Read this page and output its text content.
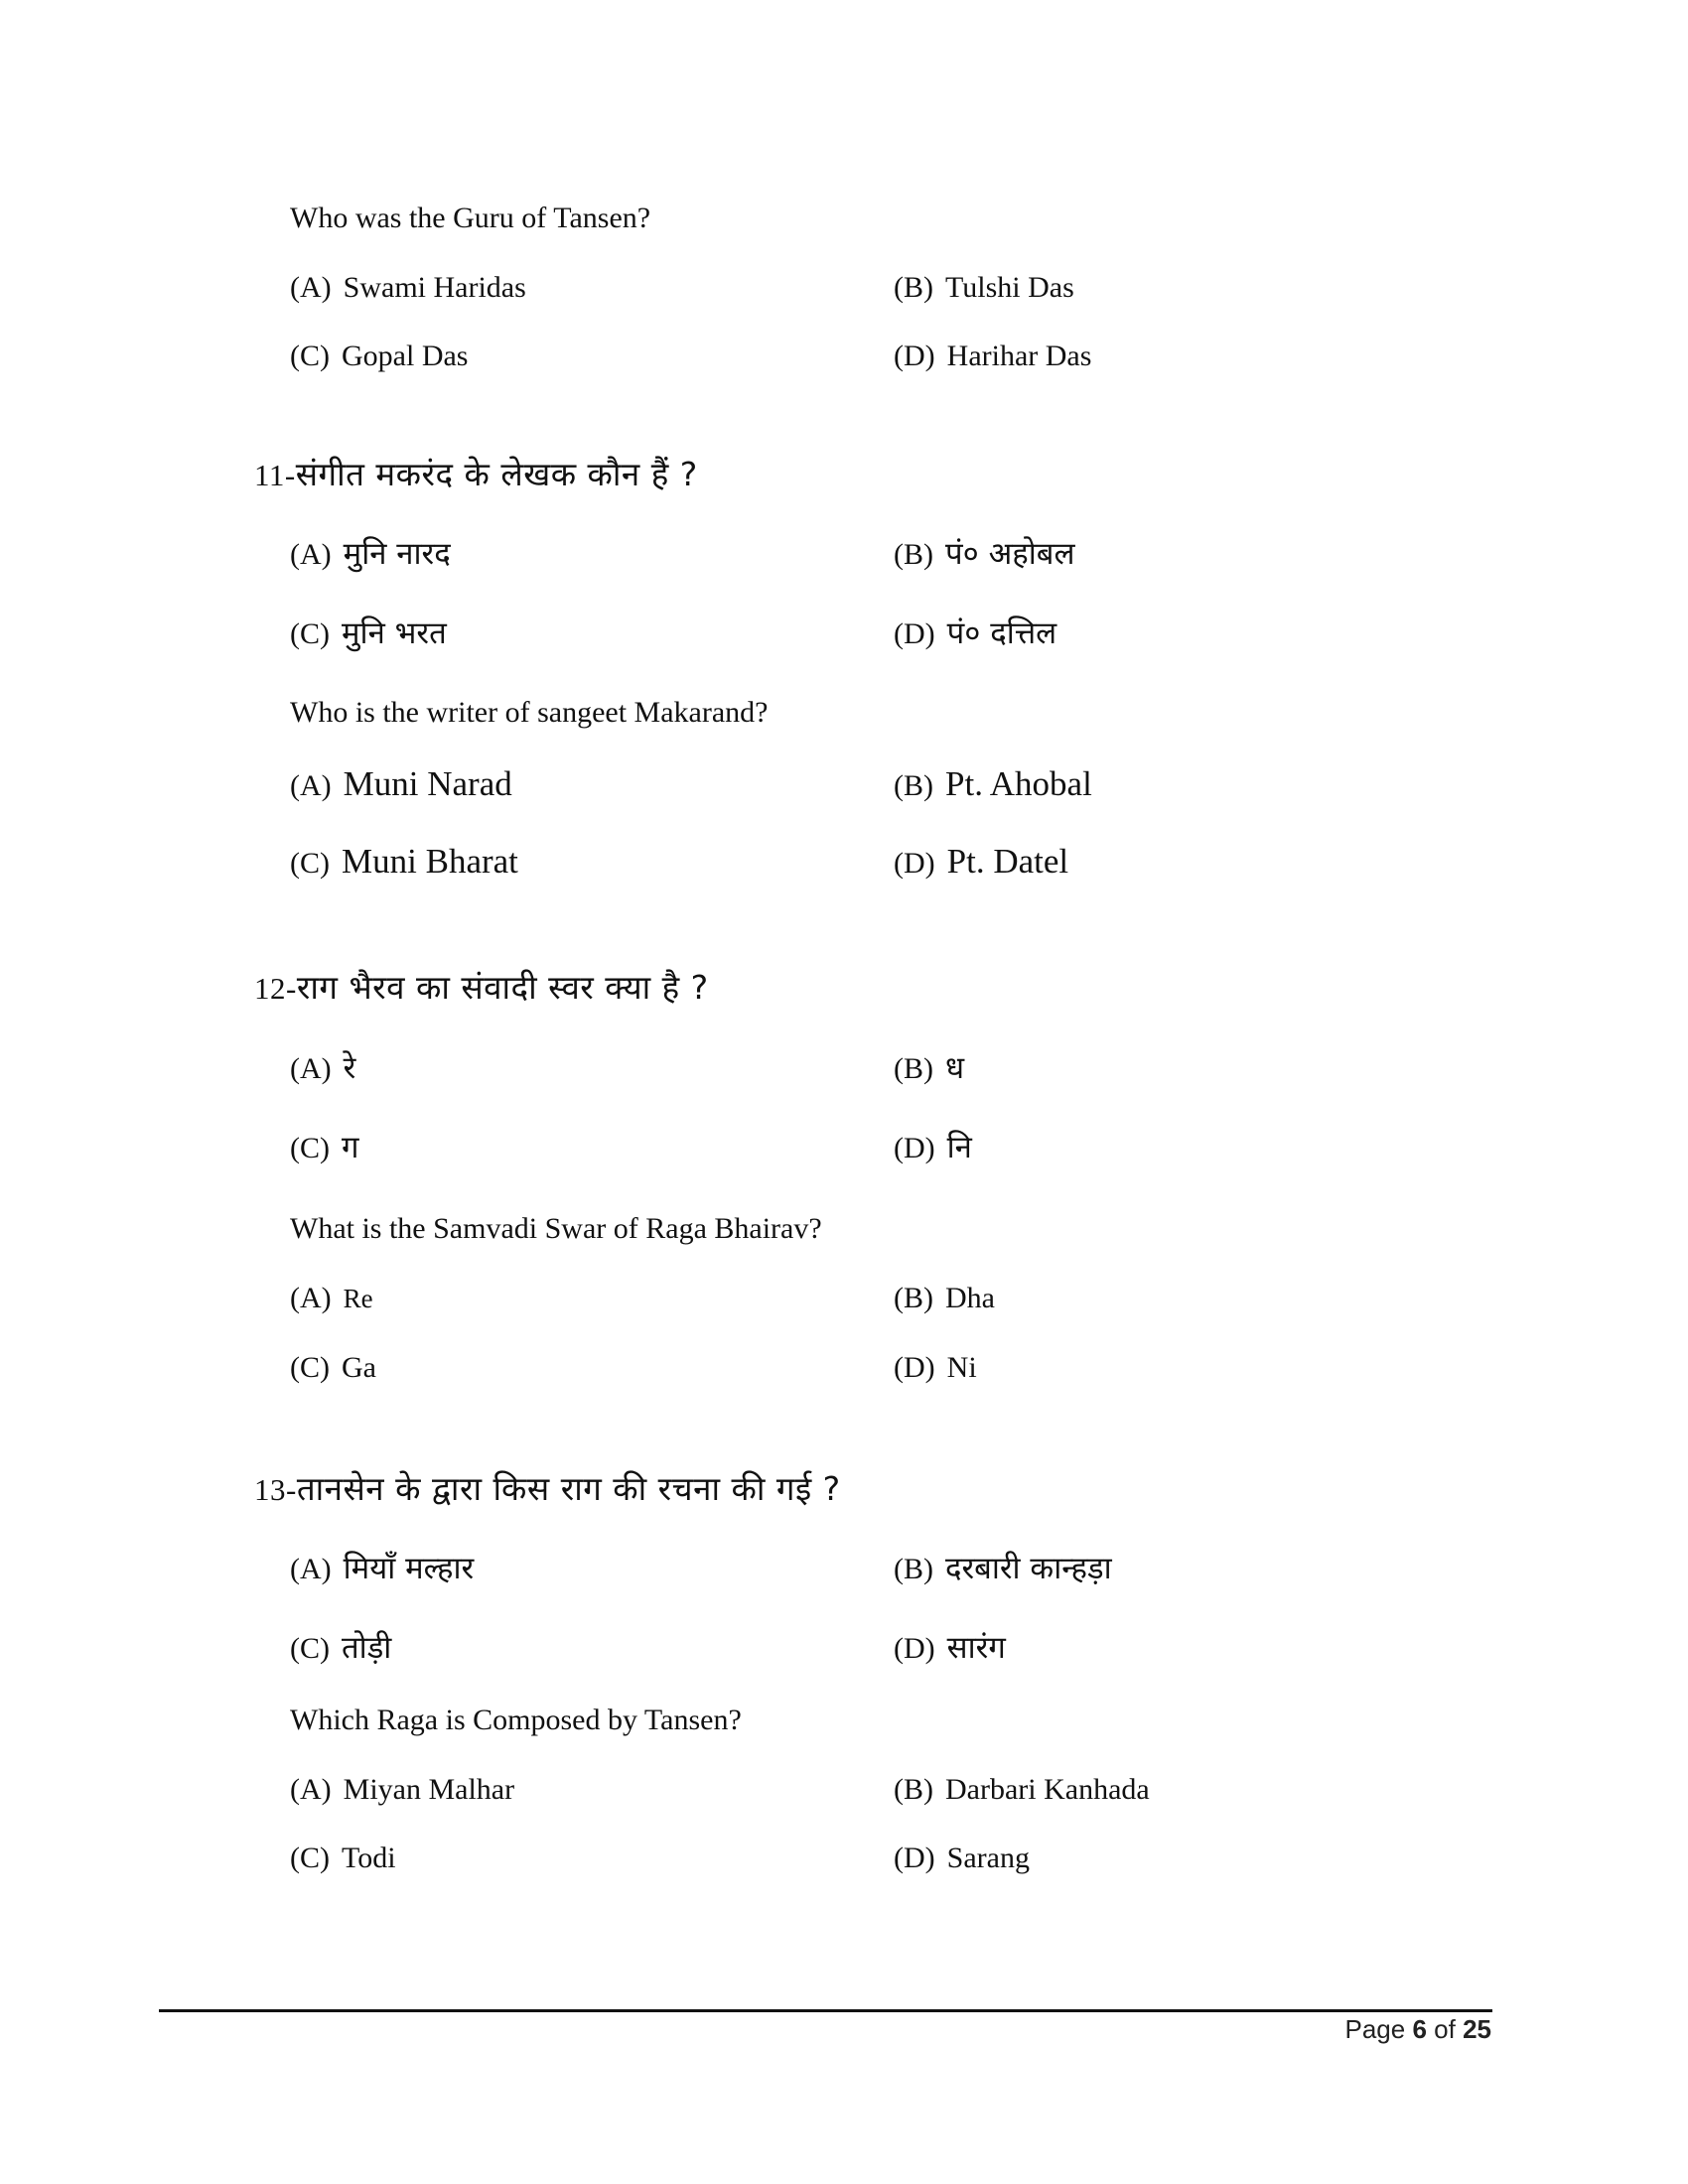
Who was the Guru of Tansen?
(A) Swami Haridas	(B) Tulshi Das
(C) Gopal Das	(D) Harihar Das
11-संगीत मकरंद के लेखक कौन हैं ?
(A) मुनि नारद	(B) पं० अहोबल
(C) मुनि भरत	(D) पं० दत्तिल
Who is the writer of sangeet Makarand?
(A) Muni Narad	(B) Pt. Ahobal
(C) Muni Bharat	(D) Pt. Datel
12-राग भैरव का संवादी स्वर क्या है ?
(A) रे	(B) ध
(C) ग	(D) नि
What is the Samvadi Swar of Raga Bhairav?
(A) Re	(B) Dha
(C) Ga	(D) Ni
13-तानसेन के द्वारा किस राग की रचना की गई ?
(A) मियाँ मल्हार	(B) दरबारी कान्हड़ा
(C) तोड़ी	(D) सारंग
Which Raga is Composed by Tansen?
(A) Miyan Malhar	(B) Darbari Kanhada
(C) Todi	(D) Sarang
Page 6 of 25
